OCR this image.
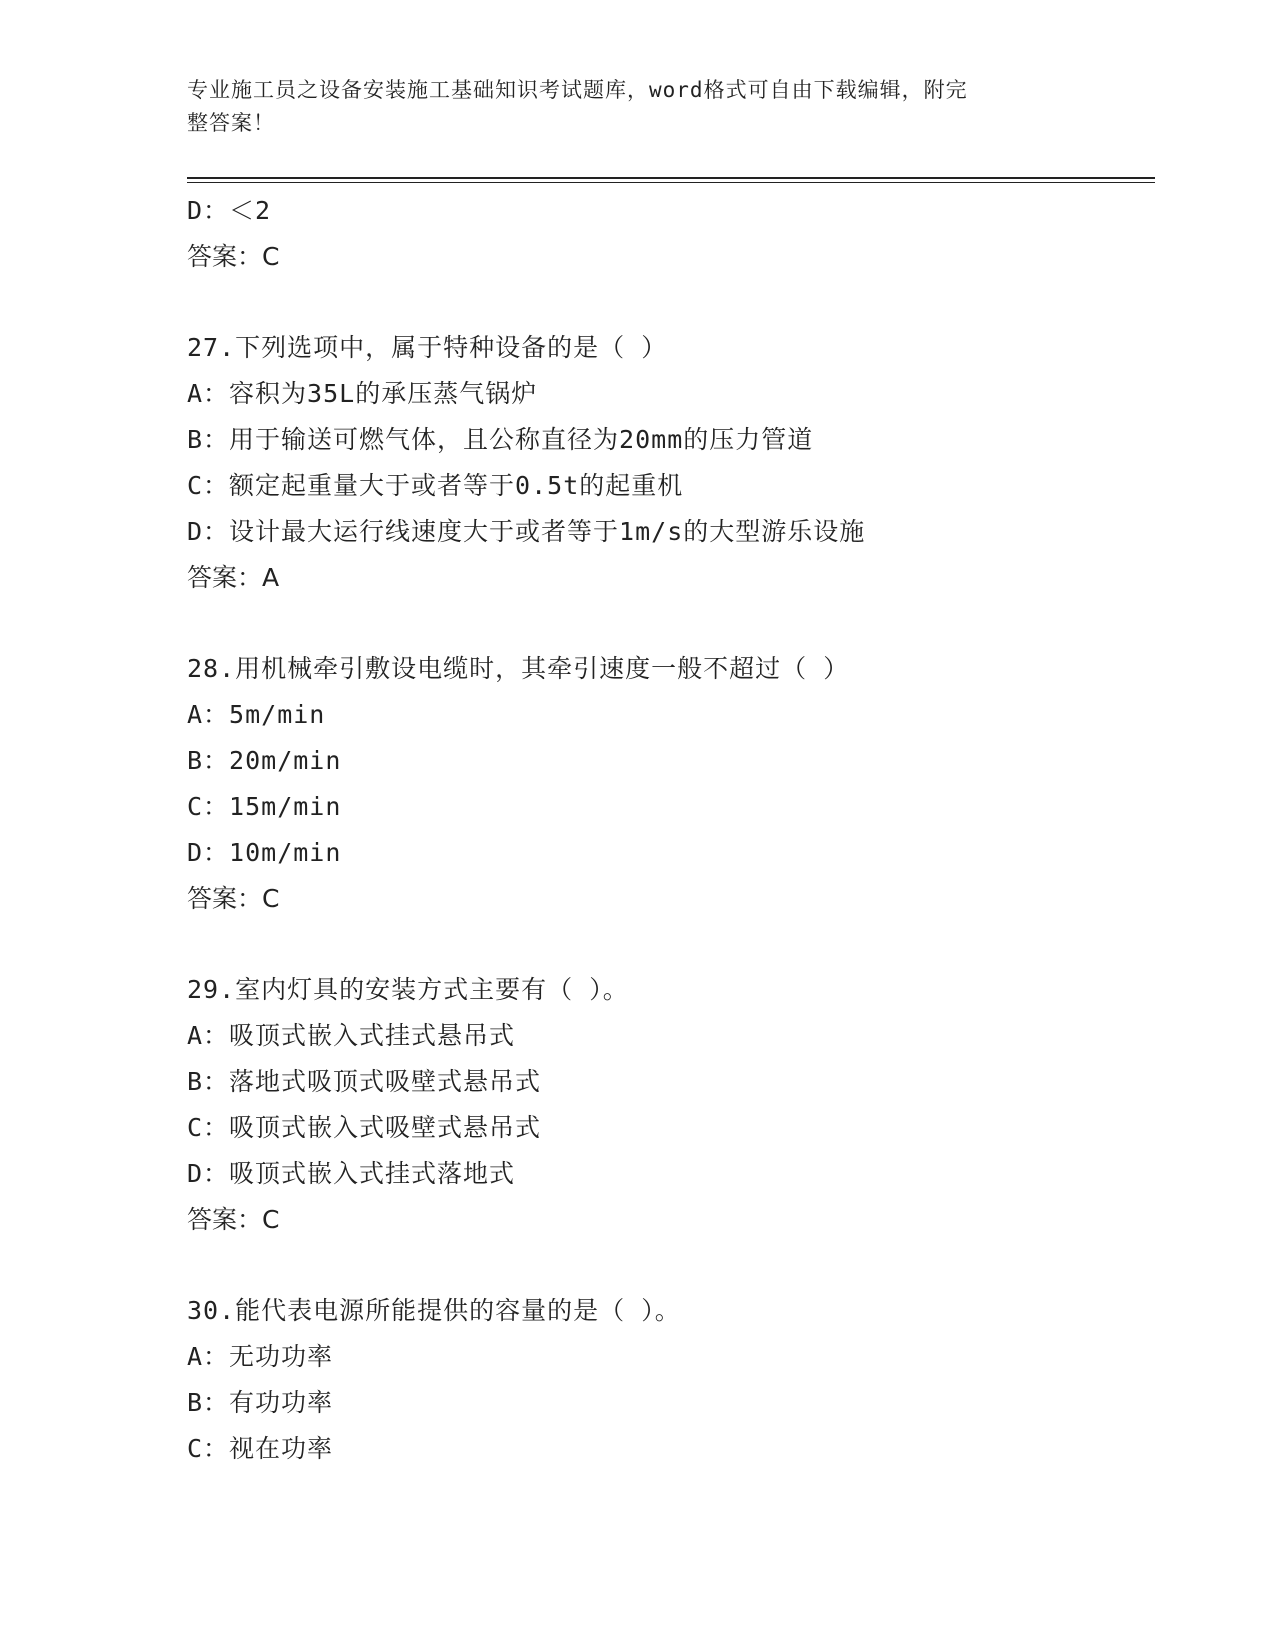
专业施工员之设备安装施工基础知识考试题库，word格式可自由下载编辑，附完
整答案！
D：＜2
答案：C
27.下列选项中，属于特种设备的是（ ）
A：容积为35L的承压蒸气锅炉
B：用于输送可燃气体，且公称直径为20mm的压力管道
C：额定起重量大于或者等于0.5t的起重机
D：设计最大运行线速度大于或者等于1m/s的大型游乐设施
答案：A
28.用机械牵引敷设电缆时，其牵引速度一般不超过（ ）
A：5m/min
B：20m/min
C：15m/min
D：10m/min
答案：C
29.室内灯具的安装方式主要有（ ）。
A：吸顶式嵌入式挂式悬吊式
B：落地式吸顶式吸壁式悬吊式
C：吸顶式嵌入式吸壁式悬吊式
D：吸顶式嵌入式挂式落地式
答案：C
30.能代表电源所能提供的容量的是（ ）。
A：无功功率
B：有功功率
C：视在功率
